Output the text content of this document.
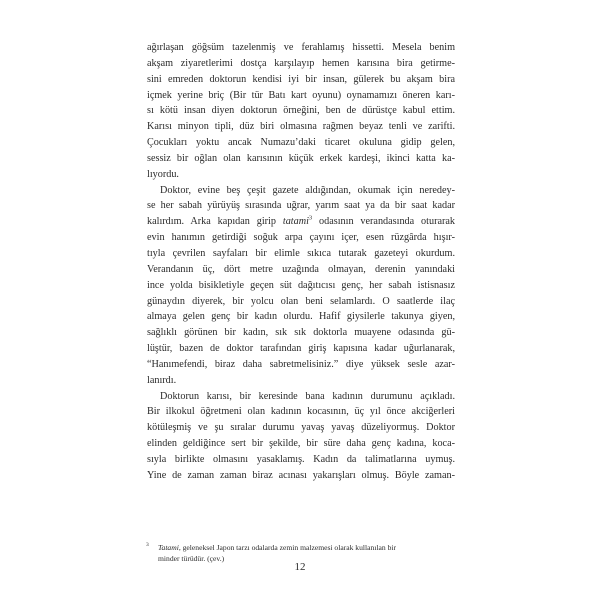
ağırlaşan göğsüm tazelenmiş ve ferahlamış hissetti. Mesela benim
akşam ziyaretlerimi dostça karşılayıp hemen karısına bira getirme-
sini emreden doktorun kendisi iyi bir insan, gülerek bu akşam bira
içmek yerine briç (Bir tür Batı kart oyunu) oynamamızı öneren karı-
sı kötü insan diyen doktorun örneğini, ben de dürüstçe kabul ettim.
Karısı minyon tipli, düz biri olmasına rağmen beyaz tenli ve zarifti.
Çocukları yoktu ancak Numazu’daki ticaret okuluna gidip gelen,
sessiz bir oğlan olan karısının küçük erkek kardeşi, ikinci katta ka-
lıyordu.

Doktor, evine beş çeşit gazete aldığından, okumak için neredey-
se her sabah yürüyüş sırasında uğrar, yarım saat ya da bir saat kadar
kalırdım. Arka kapıdan girip tatami$^3$ odasının verandasında oturarak
evin hanımın getirdiği soğuk arpa çayını içer, esen rüzgârda hışır-
tıyla çevrilen sayfaları bir elimle sıkıca tutarak gazeteyi okurdum.
Verandanın üç, dört metre uzağında olmayan, derenin yanındaki
ince yolda bisikletiyle geçen süt dağıtıcısı genç, her sabah istisnasız
günaydın diyerek, bir yolcu olan beni selamlardı. O saatlerde ilaç
almaya gelen genç bir kadın olurdu. Hafif giysilerle takunya giyen,
sağlıklı görünen bir kadın, sık sık doktorla muayene odasında gü-
lüştür, bazen de doktor tarafından giriş kapısına kadar uğurlanarak,
“Hanımefendi, biraz daha sabretmelisiniz.” diye yüksek sesle azar-
lanırdı.

Doktorun karısı, bir keresinde bana kadının durumunu açıkladı.
Bir ilkokul öğretmeni olan kadının kocasının, üç yıl önce akciğerleri
kötüleşmiş ve şu sıralar durumu yavaş yavaş düzeliyormuş. Doktor
elinden geldiğince sert bir şekilde, bir süre daha genç kadına, koca-
sıyla birlikte olmasını yasaklamış. Kadın da talimatlarına uymuş.
Yine de zaman zaman biraz acınası yakarışları olmuş. Böyle zaman-

3	Tatami, geleneksel Japon tarzı odalarda zemin malzemesi olarak kullanılan bir
minder türüdür. (çev.)
12
